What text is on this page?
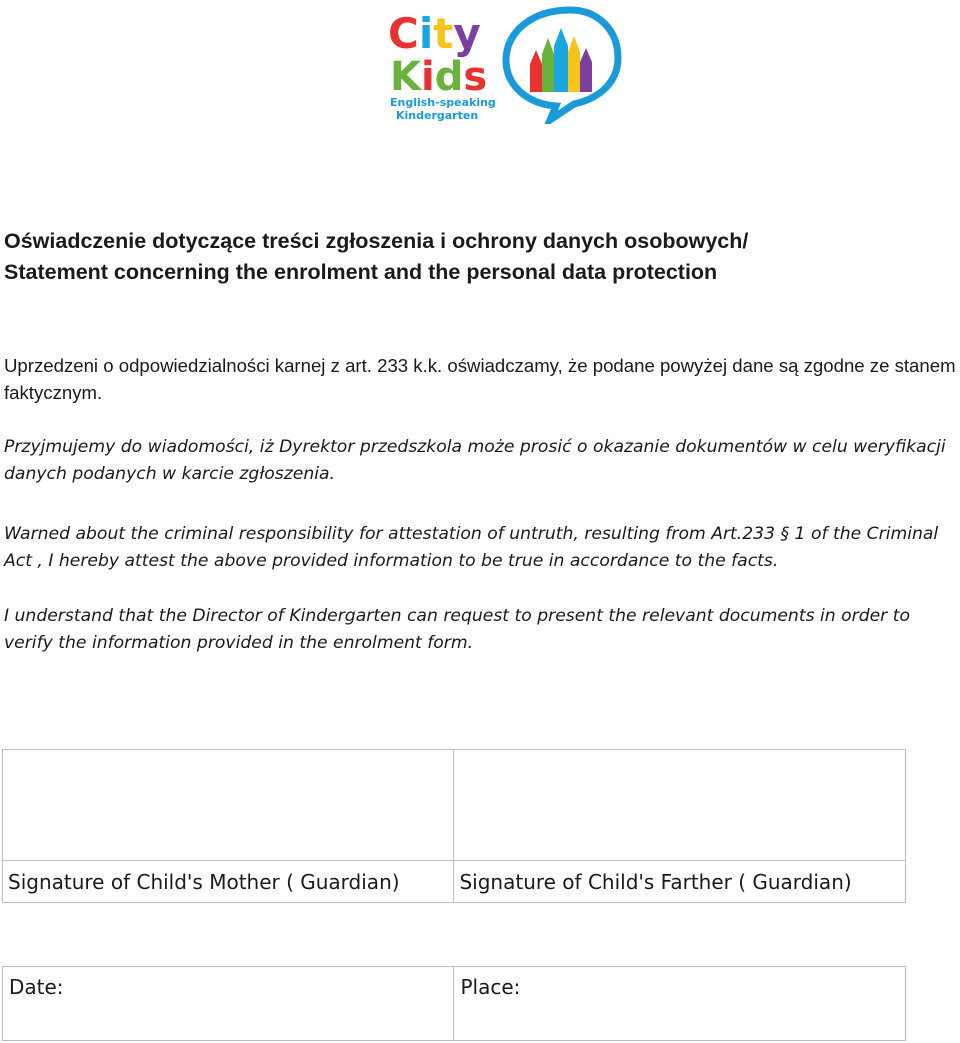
City
Kids
English-speaking
Kindergarten
Oświadczenie dotyczące treści zgłoszenia i ochrony danych osobowych/
Statement concerning the enrolment and the personal data protection
Uprzedzeni o odpowiedzialności karnej z art. 233 k.k. oświadczamy, że podane powyżej dane są zgodne ze stanem faktycznym.
Przyjmujemy do wiadomości, iż Dyrektor przedszkola może prosić o okazanie dokumentów w celu weryfikacji danych podanych w karcie zgłoszenia.
Warned about the criminal responsibility for attestation of untruth, resulting from Art.233 § 1 of the Criminal Act , I hereby attest the above provided information to be true in accordance to the facts.
I understand that the Director of Kindergarten can request to present the relevant documents in order to verify the information provided in the enrolment form.

Signature of Child's Mother ( Guardian)	Signature of Child's Farther ( Guardian)
Date:	Place:
